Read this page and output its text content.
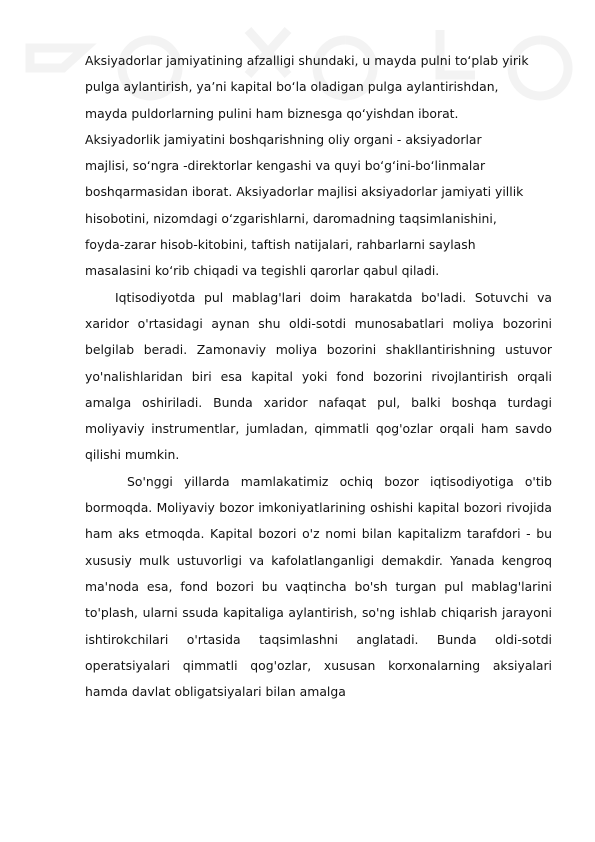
Aksiyadorlar jamiyatining afzalligi shundaki, u mayda pulni toʻplab yirik
pulga aylantirish, yaʼni kapital boʻla oladigan pulga aylantirishdan,
mayda puldorlarning pulini ham biznesga qoʻyishdan iborat.
Aksiyadorlik jamiyatini boshqarishning oliy organi - aksiyadorlar
majlisi, soʻngra -direktorlar kengashi va quyi boʻgʻini-boʻlinmalar
boshqarmasidan iborat. Aksiyadorlar majlisi aksiyadorlar jamiyati yillik
hisobotini, nizomdagi oʻzgarishlarni, daromadning taqsimlanishini,
foyda-zarar hisob-kitobini, taftish natijalari, rahbarlarni saylash
masalasini koʻrib chiqadi va tegishli qarorlar qabul qiladi.

Iqtisodiyotda pul mablag'lari doim harakatda bo'ladi. Sotuvchi va xaridor o'rtasidagi aynan shu oldi-sotdi munosabatlari moliya bozorini belgilab beradi. Zamonaviy moliya bozorini shakllantirishning ustuvor yo'nalishlaridan biri esa kapital yoki fond bozorini rivojlantirish orqali amalga oshiriladi. Bunda xaridor nafaqat pul, balki boshqa turdagi moliyaviy instrumentlar, jumladan, qimmatli qog'ozlar orqali ham savdo qilishi mumkin.

So'nggi yillarda mamlakatimiz ochiq bozor iqtisodiyotiga o'tib bormoqda. Moliyaviy bozor imkoniyatlarining oshishi kapital bozori rivojida ham aks etmoqda. Kapital bozori o'z nomi bilan kapitalizm tarafdori - bu xususiy mulk ustuvorligi va kafolatlanganligi demakdir. Yanada kengroq ma'noda esa, fond bozori bu vaqtincha bo'sh turgan pul mablag'larini to'plash, ularni ssuda kapitaliga aylantirish, so'ng ishlab chiqarish jarayoni ishtirokchilari o'rtasida taqsimlashni anglatadi. Bunda oldi-sotdi operatsiyalari qimmatli qog'ozlar, xususan korxonalarning aksiyalari hamda davlat obligatsiyalari bilan amalga
